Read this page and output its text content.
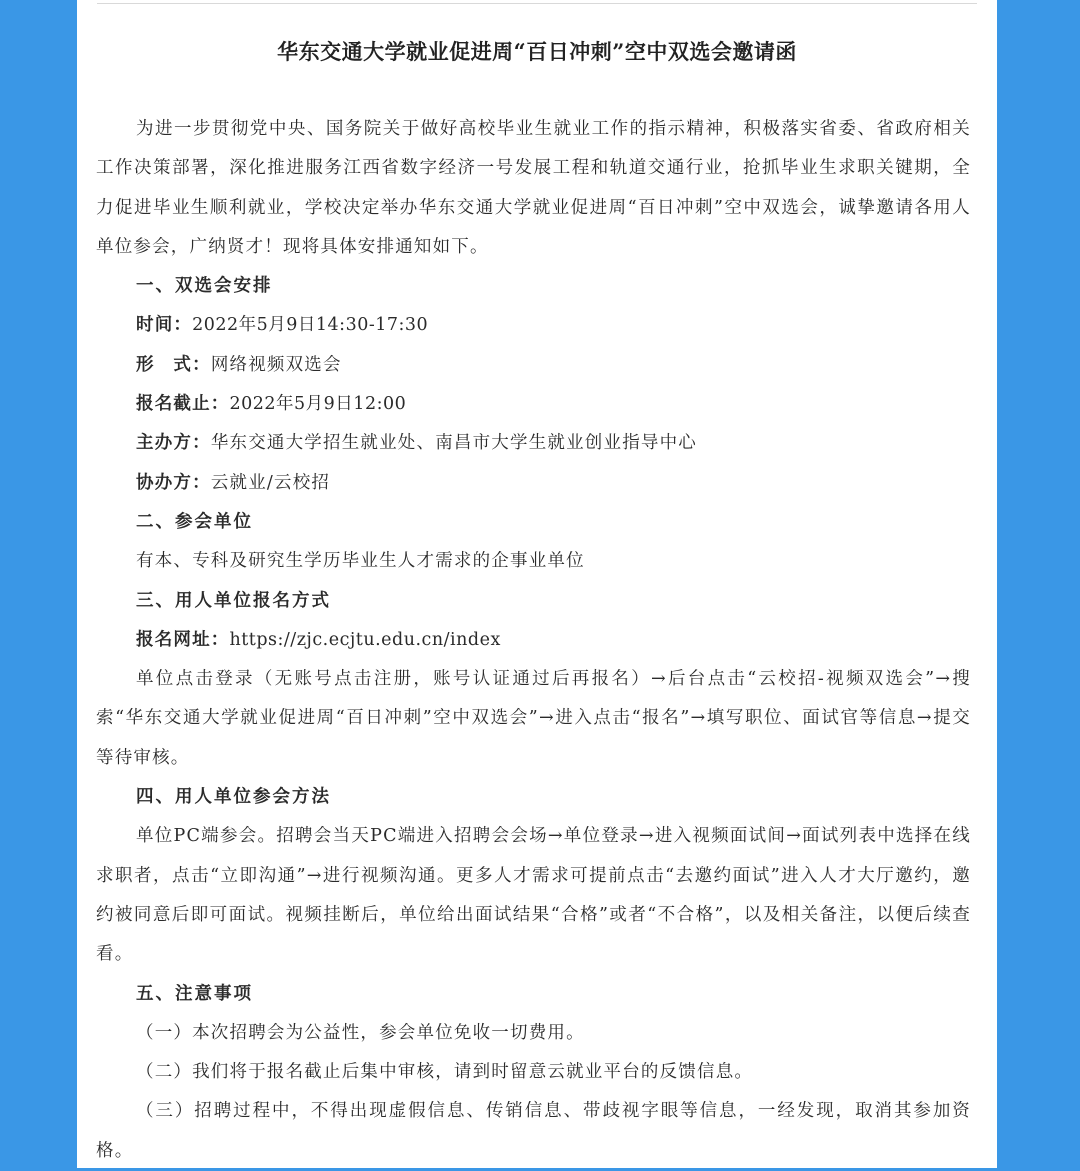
华东交通大学就业促进周“百日冲刺”空中双选会邀请函

为进一步贯彻党中央、国务院关于做好高校毕业生就业工作的指示精神，积极落实省委、省政府相关工作决策部署，深化推进服务江西省数字经济一号发展工程和轨道交通行业，抢抓毕业生求职关键期，全力促进毕业生顺利就业，学校决定举办华东交通大学就业促进周“百日冲刺”空中双选会，诚挚邀请各用人单位参会，广纳贤才！现将具体安排通知如下。

一、双选会安排

时间：2022年5月9日14:30-17:30

形　式：网络视频双选会

报名截止：2022年5月9日12:00

主办方：华东交通大学招生就业处、南昌市大学生就业创业指导中心

协办方：云就业/云校招

二、参会单位

有本、专科及研究生学历毕业生人才需求的企事业单位

三、用人单位报名方式

报名网址：https://zjc.ecjtu.edu.cn/index

单位点击登录（无账号点击注册，账号认证通过后再报名）→后台点击“云校招-视频双选会”→搜索“华东交通大学就业促进周“百日冲刺”空中双选会”→进入点击“报名”→填写职位、面试官等信息→提交等待审核。

四、用人单位参会方法

单位PC端参会。招聘会当天PC端进入招聘会会场→单位登录→进入视频面试间→面试列表中选择在线求职者，点击“立即沟通”→进行视频沟通。更多人才需求可提前点击“去邀约面试”进入人才大厅邀约，邀约被同意后即可面试。视频挂断后，单位给出面试结果“合格”或者“不合格”，以及相关备注，以便后续查看。

五、注意事项

（一）本次招聘会为公益性，参会单位免收一切费用。

（二）我们将于报名截止后集中审核，请到时留意云就业平台的反馈信息。

（三）招聘过程中，不得出现虚假信息、传销信息、带歧视字眼等信息，一经发现，取消其参加资格。
